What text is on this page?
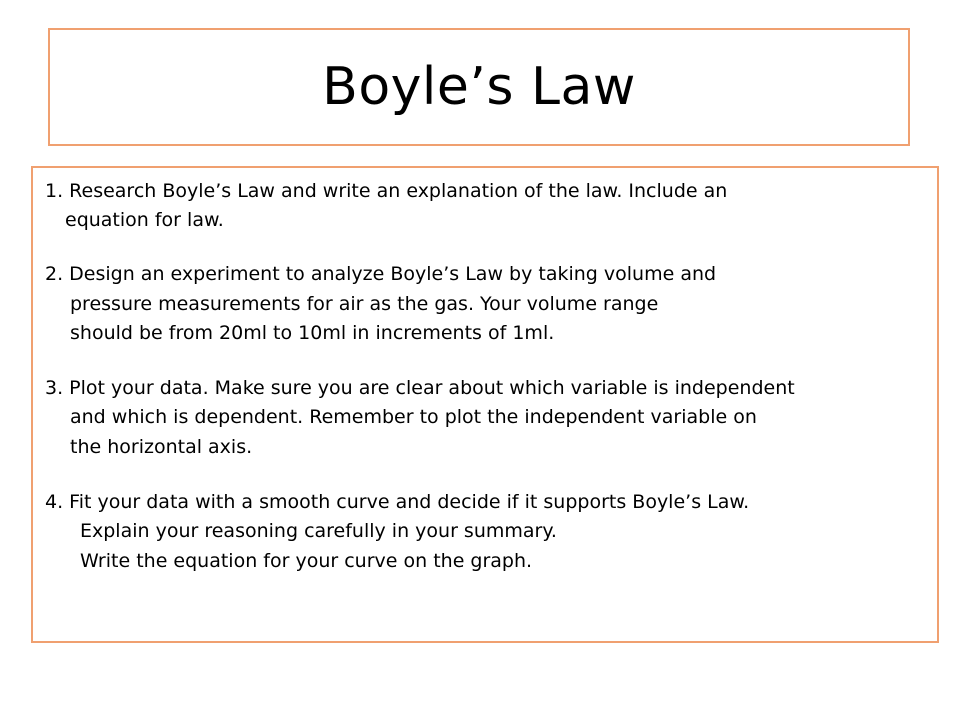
Boyle’s Law
1. Research Boyle’s Law and write an explanation of the law. Include an
equation for law.
2. Design an experiment to analyze Boyle’s Law by taking volume and
pressure measurements for air as the gas. Your volume range
should be from 20ml to 10ml in increments of 1ml.
3. Plot your data. Make sure you are clear about which variable is independent
and which is dependent. Remember to plot the independent variable on
the horizontal axis.
4. Fit your data with a smooth curve and decide if it supports Boyle’s Law.
Explain your reasoning carefully in your summary.
Write the equation for your curve on the graph.
